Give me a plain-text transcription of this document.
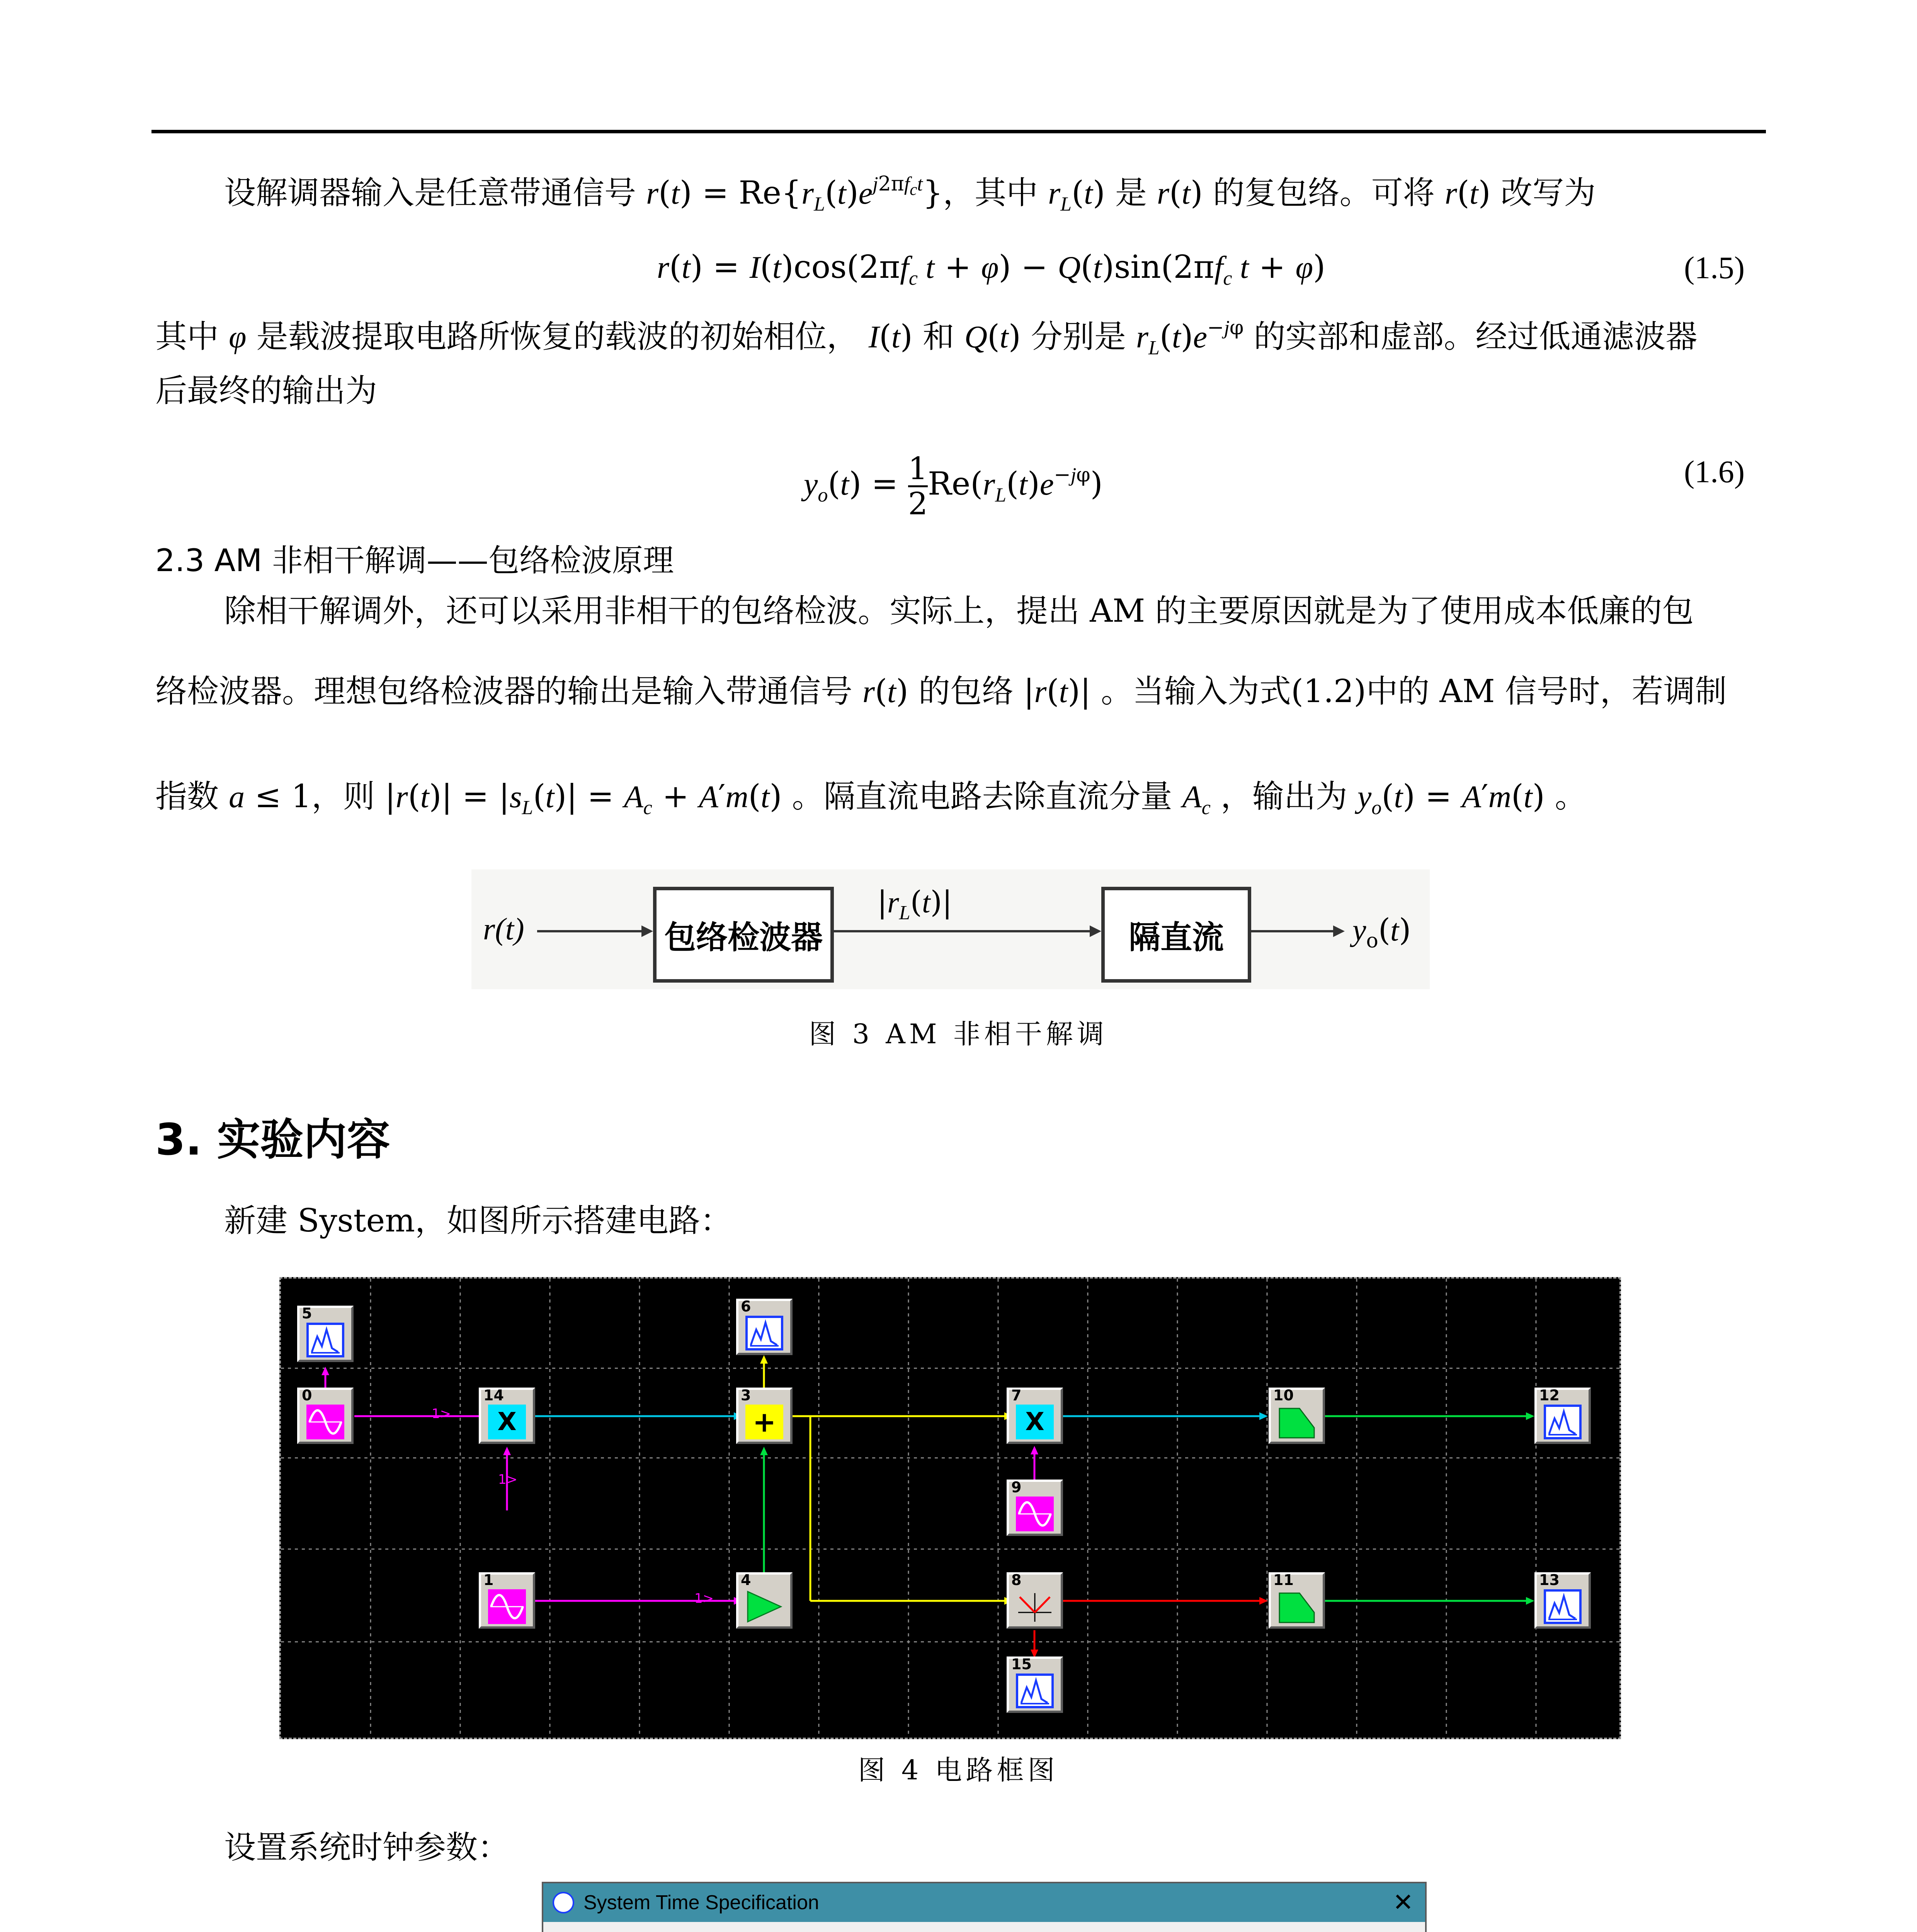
设解调器输入是任意带通信号 $r(t) = Re\{r_L(t)e^{j2\pi f_ct}\}$，其中 $r_L(t)$ 是 r(t) 的复包络。可将 r(t) 改写为
$r(t) = I(t)\cos(2\pi f_c$ $t + \varphi) - Q(t)\sin(2\pi f_c$ t + φ)	(1.5)
其中 φ 是载波提取电路所恢复的载波的初始相位， I(t) 和 Q(t) 分别是 $r_L(t)e^{-j\varphi}$ 的实部和虚部。经过低通滤波器
后最终的输出为
$y_o(t) = \frac{1}{2} Re(r_L(t)e^{-j\varphi})$	(1.6)
2.3 AM 非相干解调——包络检波原理
除相干解调外，还可以采用非相干的包络检波。实际上，提出 AM 的主要原因就是为了使用成本低廉的包
络检波器。理想包络检波器的输出是输入带通信号 r(t) 的包络 |r(t)| 。当输入为式(1.2)中的 AM 信号时，若调制
指数 a ≤ 1，则 $|r(t)| = |s_L(t)| = A_c + A'm(t)$ 。隔直流电路去除直流分量 $A_c$ ，输出为 $y_o(t) = A'm(t)$ 。
r(t)	包络检波器
$|r_L(t)|$
隔直流	$y_o(t)$
图 3 AM 非相干解调
3. 实验内容
新建 System，如图所示搭建电路：
1>
1>
1>
5
0	14
X
1
6
3
+
4
7
X
9
8
15
10
11
12
13
图 4 电路框图
设置系统时钟参数：
System Time Specification	✕
